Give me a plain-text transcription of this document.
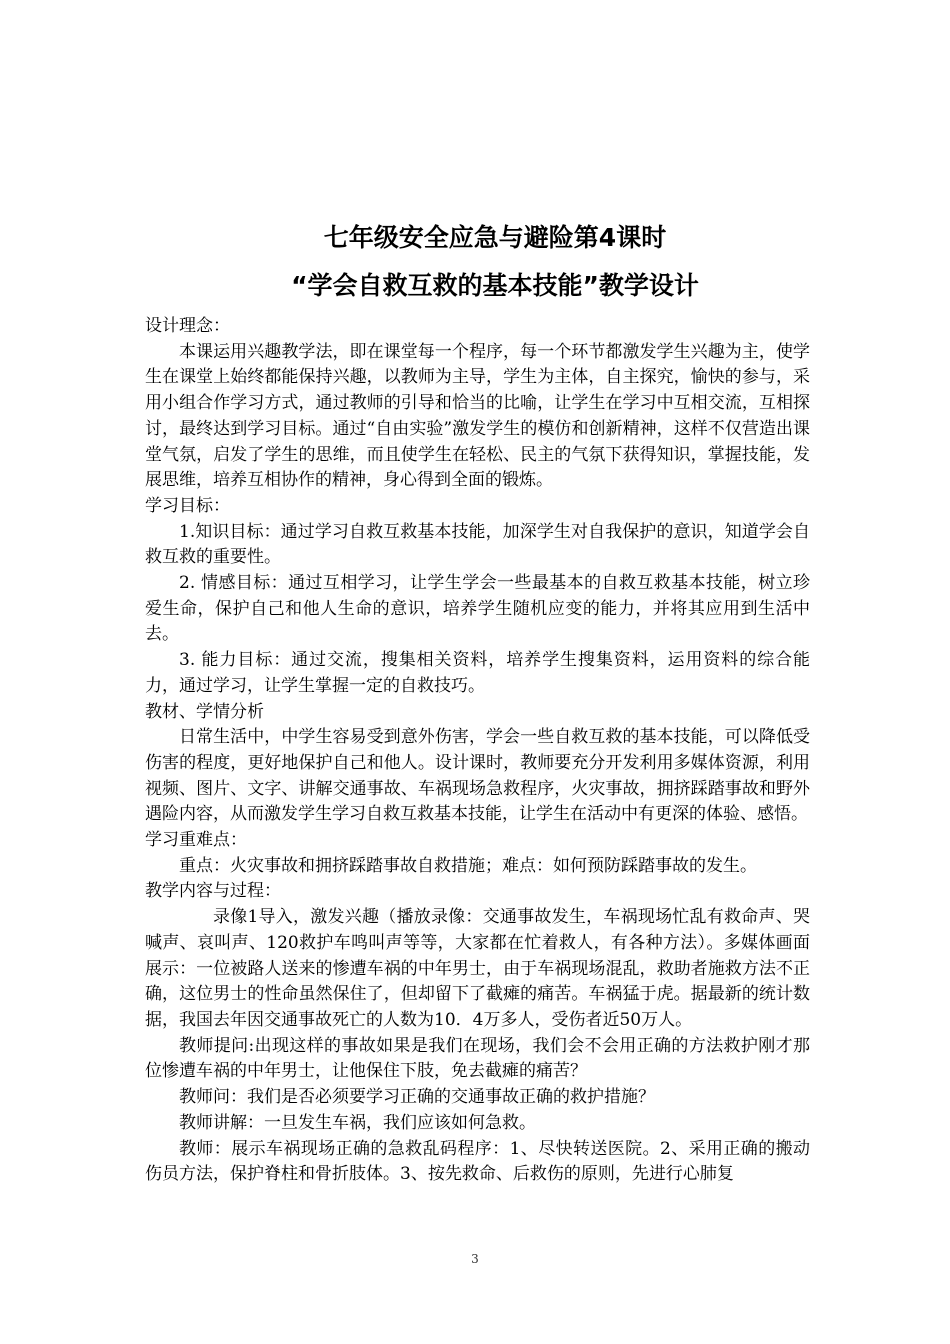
七年级安全应急与避险第4课时
“学会自救互救的基本技能”教学设计

设计理念：

本课运用兴趣教学法，即在课堂每一个程序，每一个环节都激发学生兴趣为主，使学生在课堂上始终都能保持兴趣，以教师为主导，学生为主体，自主探究，愉快的参与，采用小组合作学习方式，通过教师的引导和恰当的比喻，让学生在学习中互相交流，互相探讨，最终达到学习目标。通过“自由实验”激发学生的模仿和创新精神，这样不仅营造出课堂气氛，启发了学生的思维，而且使学生在轻松、民主的气氛下获得知识，掌握技能，发展思维，培养互相协作的精神，身心得到全面的锻炼。

学习目标：

1.知识目标：通过学习自救互救基本技能，加深学生对自我保护的意识，知道学会自救互救的重要性。

2. 情感目标：通过互相学习，让学生学会一些最基本的自救互救基本技能，树立珍爱生命，保护自己和他人生命的意识，培养学生随机应变的能力，并将其应用到生活中去。

3. 能力目标：通过交流，搜集相关资料，培养学生搜集资料，运用资料的综合能力，通过学习，让学生掌握一定的自救技巧。

教材、学情分析

日常生活中，中学生容易受到意外伤害，学会一些自救互救的基本技能，可以降低受伤害的程度，更好地保护自己和他人。设计课时，教师要充分开发利用多媒体资源，利用视频、图片、文字、讲解交通事故、车祸现场急救程序，火灾事故，拥挤踩踏事故和野外遇险内容，从而激发学生学习自救互救基本技能，让学生在活动中有更深的体验、感悟。

学习重难点：

重点：火灾事故和拥挤踩踏事故自救措施；难点：如何预防踩踏事故的发生。

教学内容与过程：

录像1导入，激发兴趣（播放录像：交通事故发生，车祸现场忙乱有救命声、哭喊声、哀叫声、120救护车鸣叫声等等，大家都在忙着救人，有各种方法）。多媒体画面展示：一位被路人送来的惨遭车祸的中年男士，由于车祸现场混乱，救助者施救方法不正确，这位男士的性命虽然保住了，但却留下了截瘫的痛苦。车祸猛于虎。据最新的统计数据，我国去年因交通事故死亡的人数为10．4万多人，受伤者近50万人。

教师提问:出现这样的事故如果是我们在现场，我们会不会用正确的方法救护刚才那位惨遭车祸的中年男士，让他保住下肢，免去截瘫的痛苦？

教师问：我们是否必须要学习正确的交通事故正确的救护措施？

教师讲解：一旦发生车祸，我们应该如何急救。

教师：展示车祸现场正确的急救乱码程序：1、尽快转送医院。2、采用正确的搬动伤员方法，保护脊柱和骨折肢体。3、按先救命、后救伤的原则，先进行心肺复

3
